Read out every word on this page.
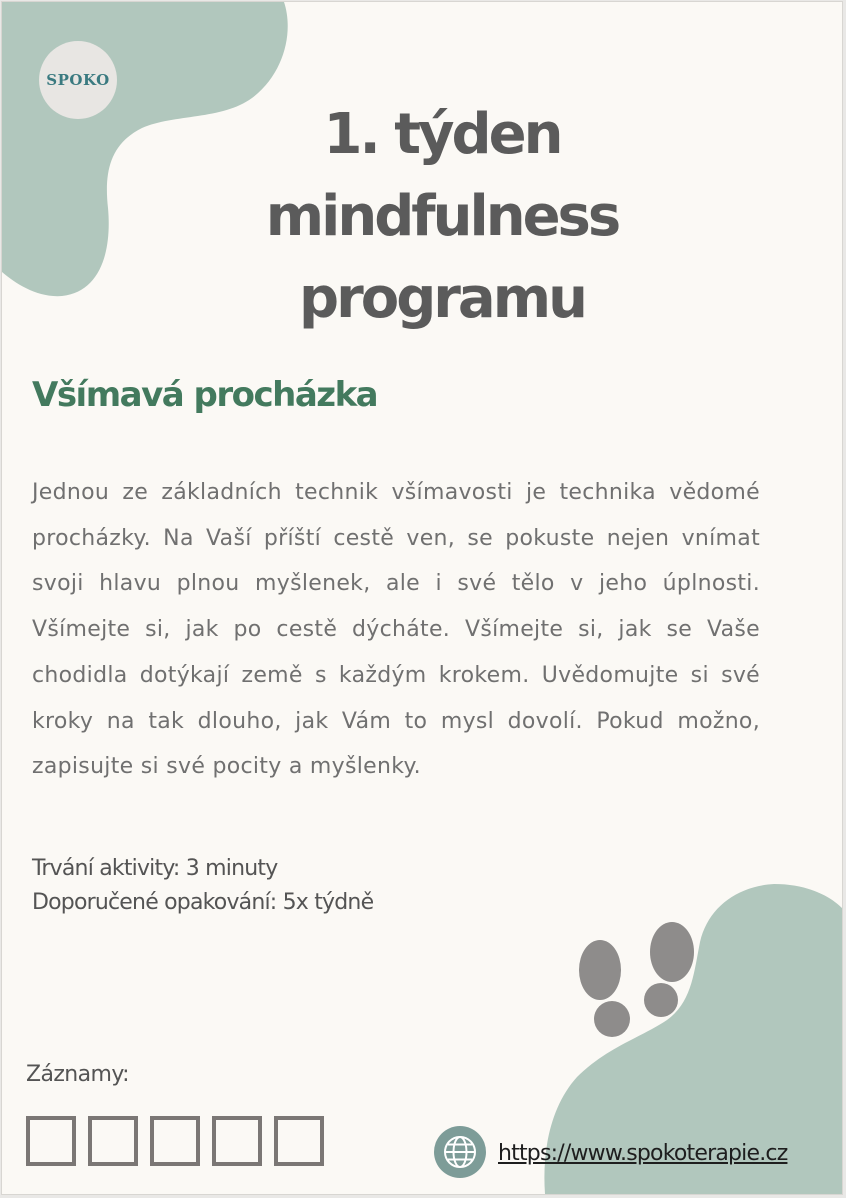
SPOKO
1. týden
mindfulness
programu
Všímavá procházka
Jednou ze základních technik všímavosti je technika vědomé procházky. Na Vaší příští cestě ven, se pokuste nejen vnímat svoji hlavu plnou myšlenek, ale i své tělo v jeho úplnosti. Všímejte si, jak po cestě dýcháte. Všímejte si, jak se Vaše chodidla dotýkají země s každým krokem. Uvědomujte si své kroky na tak dlouho, jak Vám to mysl dovolí. Pokud možno, zapisujte si své pocity a myšlenky.
Trvání aktivity: 3 minuty
Doporučené opakování: 5x týdně
Záznamy:
https://www.spokoterapie.cz
